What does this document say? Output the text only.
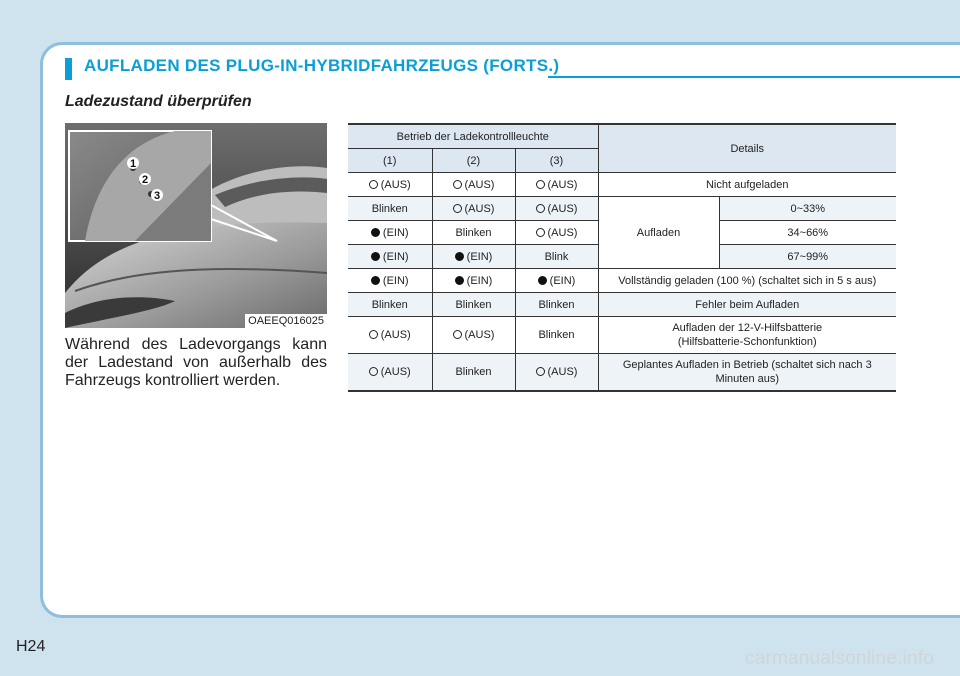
AUFLADEN DES PLUG-IN-HYBRIDFAHRZEUGS (FORTS.)
Ladezustand überprüfen
1
2
3
OAEEQ016025

Während des Ladevorgangs kann der Ladestand von außerhalb des Fahrzeugs kontrolliert werden.

Betrieb der Ladekontrollleuchte			Details	
(1)	(2)	(3)		
(AUS)	(AUS)	(AUS)	Nicht aufgeladen	
Blinken	(AUS)	(AUS)	Aufladen	0~33%
(EIN)	Blinken	(AUS)		34~66%
(EIN)	(EIN)	Blink		67~99%
(EIN)	(EIN)	(EIN)	Vollständig geladen (100 %) (schaltet sich in 5 s aus)	
Blinken	Blinken	Blinken	Fehler beim Aufladen	
(AUS)	(AUS)	Blinken	Aufladen der 12-V-Hilfsbatterie
(Hilfsbatterie-Schonfunktion)	
(AUS)	Blinken	(AUS)	Geplantes Aufladen in Betrieb (schaltet sich nach 3
Minuten aus)	
H24
carmanualsonline.info
